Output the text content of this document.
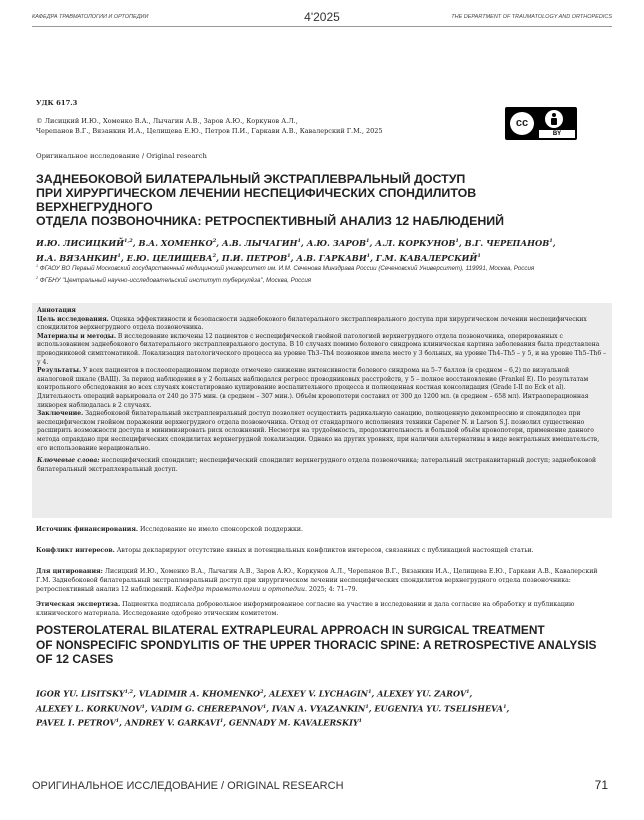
КАФЕДРА ТРАВМАТОЛОГИИ И ОРТОПЕДИИ	4'2025	THE DEPARTMENT OF TRAUMATOLOGY AND ORTHOPEDICS
УДК 617.3
© Лисицкий И.Ю., Хоменко В.А., Лычагин А.В., Заров А.Ю., Коркунов А.Л.,
Черепанов В.Г., Вязанкин И.А., Целищева Е.Ю., Петров П.И., Гаркави А.В., Кавалерский Г.М., 2025
Оригинальное исследование / Original research
cc
BY
ЗАДНЕБОКОВОЙ БИЛАТЕРАЛЬНЫЙ ЭКСТРАПЛЕВРАЛЬНЫЙ ДОСТУП
ПРИ ХИРУРГИЧЕСКОМ ЛЕЧЕНИИ НЕСПЕЦИФИЧЕСКИХ СПОНДИЛИТОВ ВЕРХНЕГРУДНОГО
ОТДЕЛА ПОЗВОНОЧНИКА: РЕТРОСПЕКТИВНЫЙ АНАЛИЗ 12 НАБЛЮДЕНИЙ
И.Ю. ЛИСИЦКИЙ$^{1,2}$, В.А. ХОМЕНКО$^2$, А.В. ЛЫЧАГИН$^1$, А.Ю. ЗАРОВ$^1$, А.Л. КОРКУНОВ$^1$, В.Г. ЧЕРЕПАНОВ$^1$,
И.А. ВЯЗАНКИН$^1$, Е.Ю. ЦЕЛИЩЕВА$^2$, П.И. ПЕТРОВ$^1$, А.В. ГАРКАВИ$^1$, Г.М. КАВАЛЕРСКИЙ$^1$
$^1$ ФГАОУ ВО Первый Московский государственный медицинский университет им. И.М. Сеченова Минздрава России (Сеченовский Университет), 119991, Москва, Россия
$^2$ ФГБНУ "Центральный научно-исследовательский институт туберкулёза", Москва, Россия

Аннотация

Цель исследования. Оценка эффективности и безопасности заднебокового билатерального экстраплеврального доступа при хирургическом лечении неспецифических спондилитов верхнегрудного отдела позвоночника.

Материалы и методы. В исследование включены 12 пациентов с неспецифической гнойной патологией верхнегрудного отдела позвоночника, оперированных с использованием заднебокового билатерального экстраплеврального доступа. В 10 случаях помимо болевого синдрома клиническая картина заболевания была представлена проводниковой симптоматикой. Локализация патологического процесса на уровне Th3–Th4 позвонков имела место у 3 больных, на уровне Th4–Th5 – у 5, и на уровне Th5–Th6 – у 4.

Результаты. У всех пациентов в послеоперационном периоде отмечено снижение интенсивности болевого синдрома на 5–7 баллов (в среднем – 6,2) по визуальной аналоговой шкале (ВАШ). За период наблюдения в у 2 больных наблюдался регресс проводниковых расстройств, у 5 – полное восстановление (Frankel E). По результатам контрольного обследования во всех случаях констатировано купирование воспалительного процесса и полноценная костная консолидация (Grade I-II по Eck et al). Длительность операций варьировала от 240 до 375 мин. (в среднем – 307 мин.). Объём кровопотери составил от 300 до 1200 мл. (в среднем – 658 мл). Интраоперационная ликворея наблюдалась в 2 случаях.

Заключение. Заднебоковой билатеральный экстраплевральный доступ позволяет осуществить радикальную санацию, полноценную декомпрессию и спондилодез при неспецифическом гнойном поражении верхнегрудного отдела позвоночника. Отход от стандартного исполнения техники Capener N. и Larson S.J. позволил существенно расширить возможности доступа и минимизировать риск осложнений. Несмотря на трудоёмкость, продолжительность и большой объём кровопотери, применение данного метода оправдано при неспецифических спондилитах верхнегрудной локализации. Однако на других уровнях, при наличии альтернативы в виде вентральных вмешательств, его использование нерационально.

Ключевые слова: неспецифический спондилит; неспецифический спондилит верхнегрудного отдела позвоночника; латеральный экстракавитарный доступ; заднебоковой билатеральный экстраплевральный доступ.

Источник финансирования. Исследование не имело спонсорской поддержки.
Конфликт интересов. Авторы декларируют отсутствие явных и потенциальных конфликтов интересов, связанных с публикацией настоящей статьи.
Для цитирования: Лисицкий И.Ю., Хоменко В.А., Лычагин А.В., Заров А.Ю., Коркунов А.Л., Черепанов В.Г., Вязанкин И.А., Целищева Е.Ю., Гаркави А.В., Кавалерский Г.М. Заднебоковой билатеральный экстраплевральный доступ при хирургическом лечении неспецифических спондилитов верхнегрудного отдела позвоночника: ретроспективный анализ 12 наблюдений. Кафедра травматологии и ортопедии. 2025; 4: 71–79.
Этическая экспертиза. Пациентка подписала добровольное информированное согласие на участие в исследовании и дала согласие на обработку и публикацию клинического материала. Исследование одобрено этическим комитетом.
POSTEROLATERAL BILATERAL EXTRAPLEURAL APPROACH IN SURGICAL TREATMENT
OF NONSPECIFIC SPONDYLITIS OF THE UPPER THORACIC SPINE: A RETROSPECTIVE ANALYSIS
OF 12 CASES
IGOR YU. LISITSKY$^{1,2}$, VLADIMIR A. KHOMENKO$^2$, ALEXEY V. LYCHAGIN$^1$, ALEXEY YU. ZAROV$^1$,
ALEXEY L. KORKUNOV$^1$, VADIM G. CHEREPANOV$^1$, IVAN A. VYAZANKIN$^1$, EUGENIYA YU. TSELISHEVA$^1$,
PAVEL I. PETROV$^1$, ANDREY V. GARKAVI$^1$, GENNADY M. KAVALERSKIY$^1$
ОРИГИНАЛЬНОЕ ИССЛЕДОВАНИЕ / ORIGINAL RESEARCH	71
